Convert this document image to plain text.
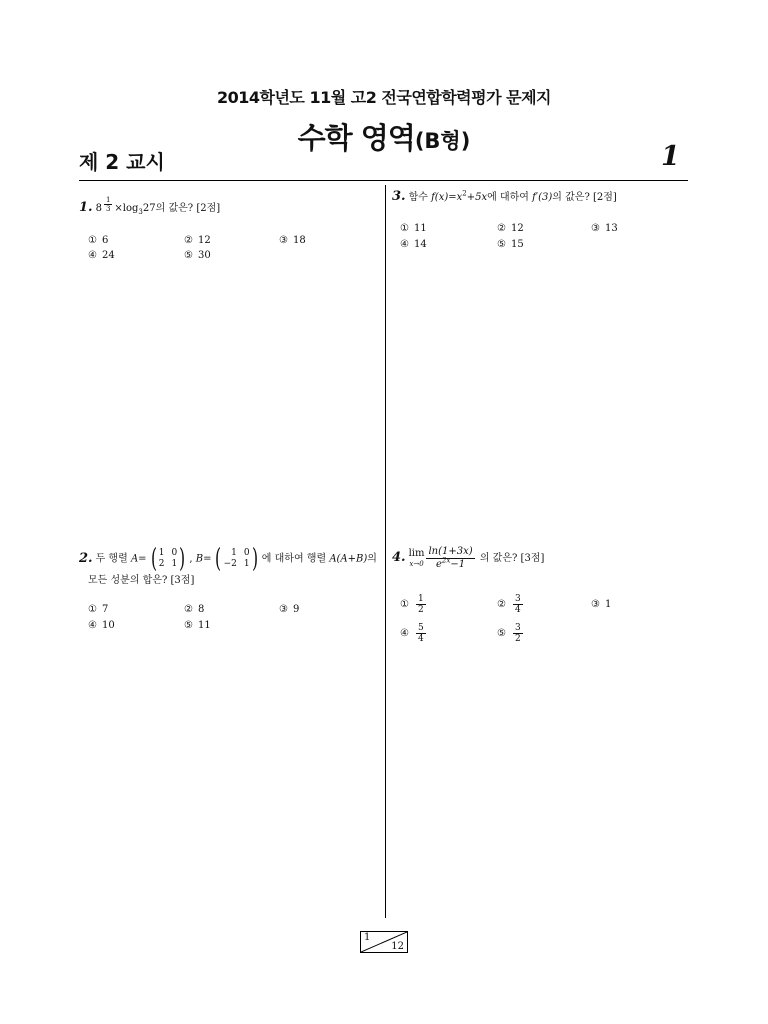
2014학년도 11월 고2 전국연합학력평가 문제지
수학 영역(B형)
제 2 교시	1
1. 8 $^{\frac{1}{3}} \times\log_327$의 값은? [2점]
① 6	② 12	③ 18
④ 24	⑤ 30
3. 함수 $f(x)=x^2+5x$에 대하여 f′(3)의 값은? [2점]
① 11	② 12	③ 13
④ 14	⑤ 15
2. 두 행렬 A= ( 1 0
2 1 ) , B= (	1 0
−2 1 ) 에 대하여 행렬 A(A+B)의
모든 성분의 합은? [3점]
① 7	② 8	③ 9
④ 10	⑤ 11
4. lim
$x\to 0 \frac{\ln(1+3x)}{e^{2x}-1}$ 의 값은? [3점]
① $\frac{1}{2}$	② $\frac{3}{4}$	③ 1
④ $\frac{5}{4}$	⑤ $\frac{3}{2}$
1
12
